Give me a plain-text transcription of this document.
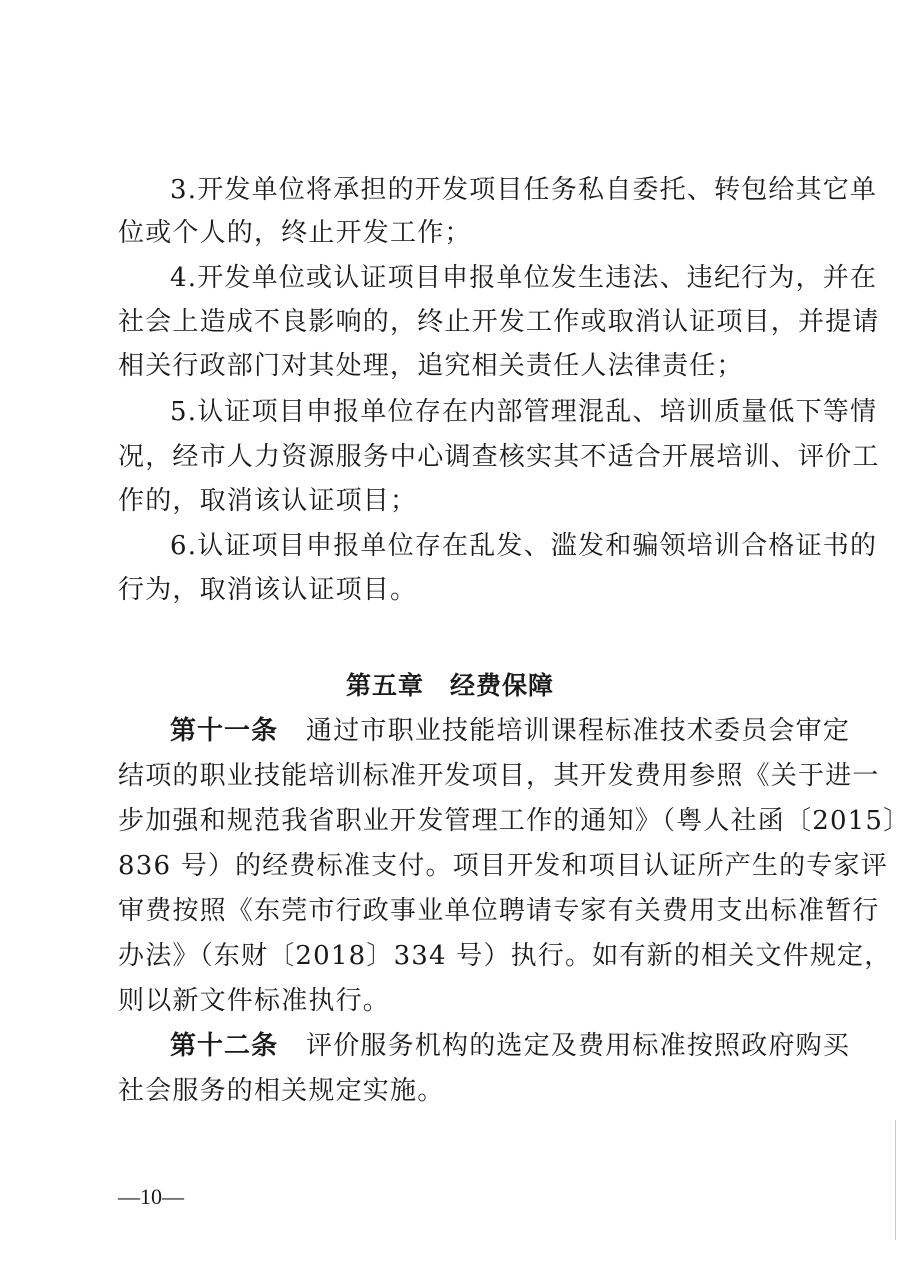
3.开发单位将承担的开发项目任务私自委托、转包给其它单
位或个人的，终止开发工作；
4.开发单位或认证项目申报单位发生违法、违纪行为，并在
社会上造成不良影响的，终止开发工作或取消认证项目，并提请
相关行政部门对其处理，追究相关责任人法律责任；
5.认证项目申报单位存在内部管理混乱、培训质量低下等情
况，经市人力资源服务中心调查核实其不适合开展培训、评价工
作的，取消该认证项目；
6.认证项目申报单位存在乱发、滥发和骗领培训合格证书的
行为，取消该认证项目。
第五章 经费保障
第十一条 通过市职业技能培训课程标准技术委员会审定
结项的职业技能培训标准开发项目，其开发费用参照《关于进一
步加强和规范我省职业开发管理工作的通知》（粤人社函〔2015〕
836 号）的经费标准支付。项目开发和项目认证所产生的专家评
审费按照《东莞市行政事业单位聘请专家有关费用支出标准暂行
办法》（东财〔2018〕334 号）执行。如有新的相关文件规定，
则以新文件标准执行。
第十二条 评价服务机构的选定及费用标准按照政府购买
社会服务的相关规定实施。
—10—
